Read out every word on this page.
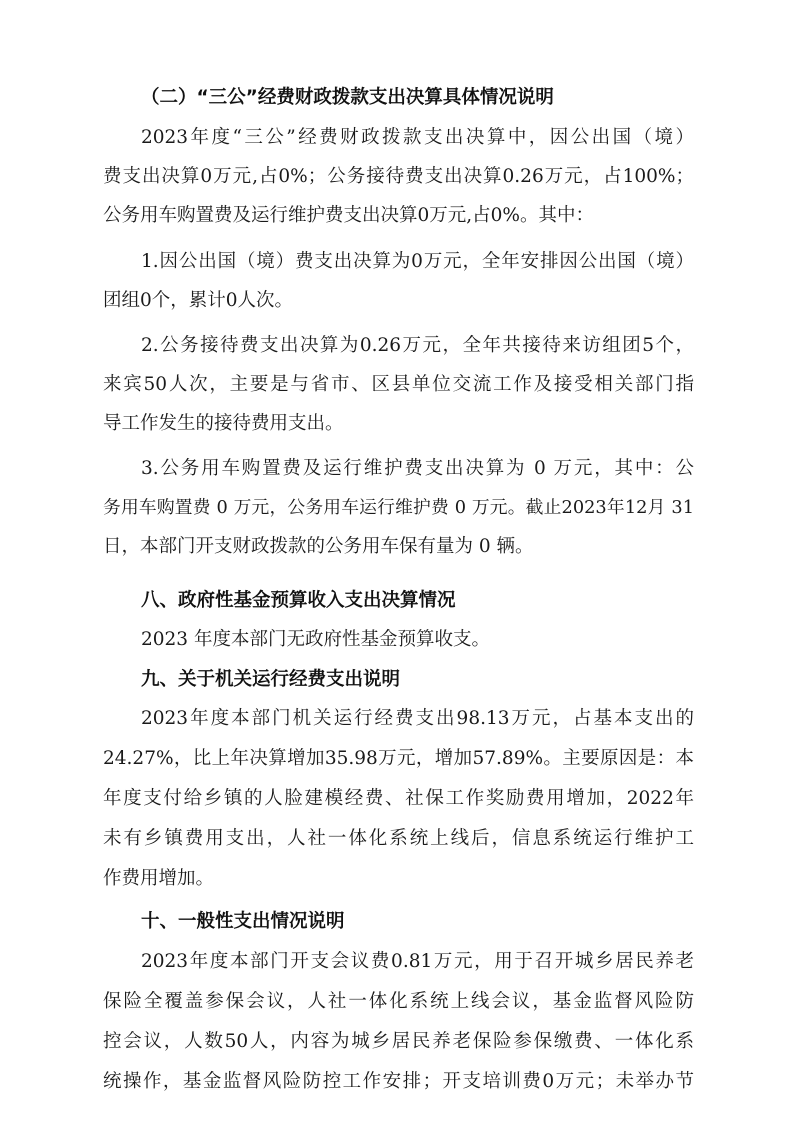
（二）“三公”经费财政拨款支出决算具体情况说明

2023年度“三公”经费财政拨款支出决算中，因公出国（境）

费支出决算0万元,占0%；公务接待费支出决算0.26万元，占100%；

公务用车购置费及运行维护费支出决算0万元,占0%。其中：

1.因公出国（境）费支出决算为0万元，全年安排因公出国（境）

团组0个，累计0人次。

2.公务接待费支出决算为0.26万元，全年共接待来访组团5个，

来宾50人次，主要是与省市、区县单位交流工作及接受相关部门指

导工作发生的接待费用支出。

3.公务用车购置费及运行维护费支出决算为 0 万元，其中：公

务用车购置费 0 万元，公务用车运行维护费 0 万元。截止2023年12月 31

日，本部门开支财政拨款的公务用车保有量为 0 辆。

八、政府性基金预算收入支出决算情况

2023 年度本部门无政府性基金预算收支。

九、关于机关运行经费支出说明

2023年度本部门机关运行经费支出98.13万元，占基本支出的

24.27%，比上年决算增加35.98万元，增加57.89%。主要原因是：本

年度支付给乡镇的人脸建模经费、社保工作奖励费用增加，2022年

未有乡镇费用支出，人社一体化系统上线后，信息系统运行维护工

作费用增加。

十、一般性支出情况说明

2023年度本部门开支会议费0.81万元，用于召开城乡居民养老

保险全覆盖参保会议，人社一体化系统上线会议，基金监督风险防

控会议，人数50人，内容为城乡居民养老保险参保缴费、一体化系

统操作，基金监督风险防控工作安排；开支培训费0万元；未举办节
